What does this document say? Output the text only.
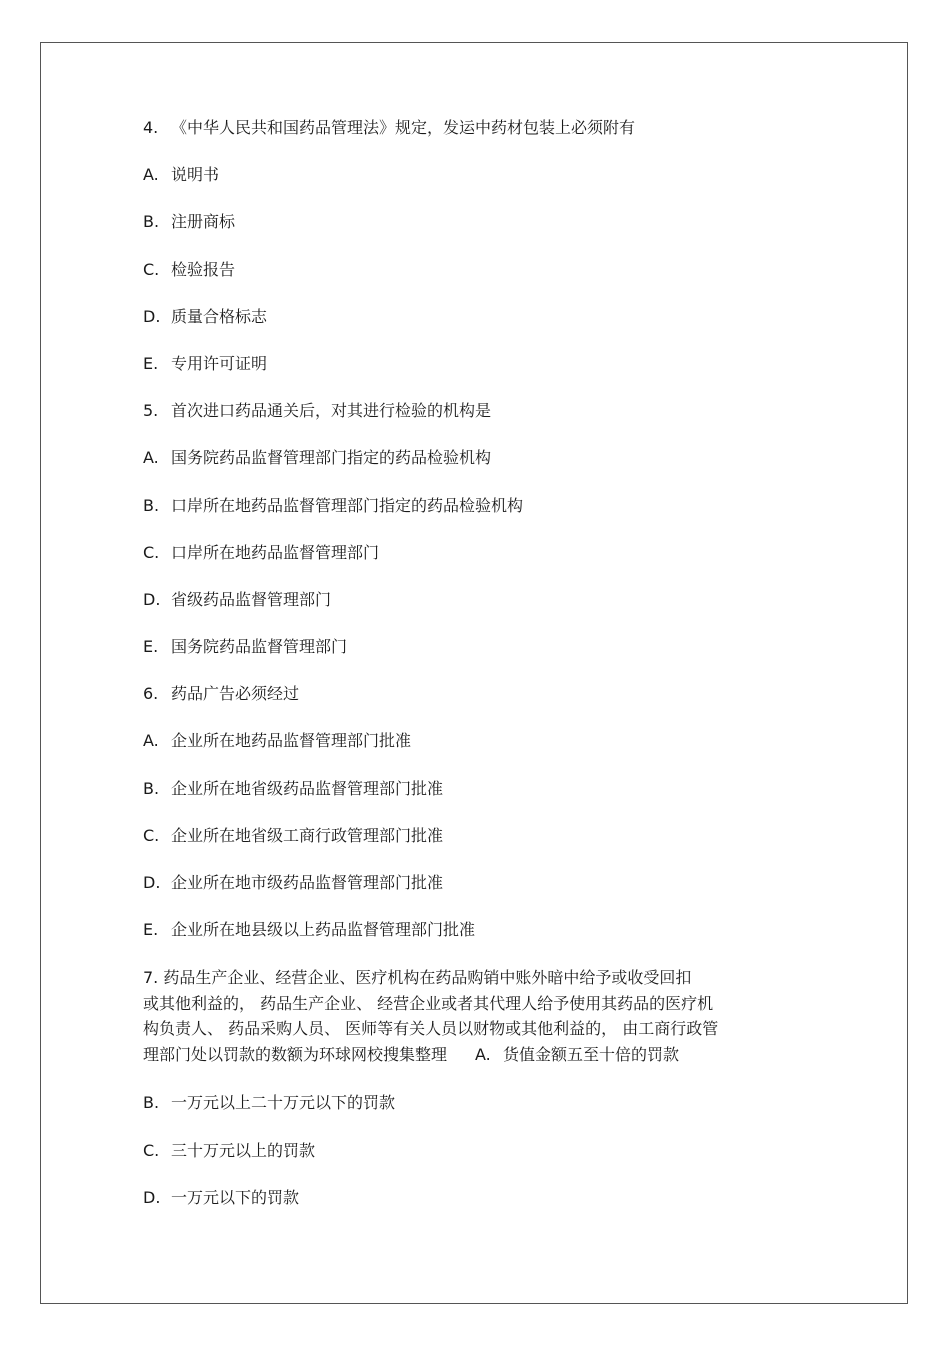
4. 《中华人民共和国药品管理法》规定，发运中药材包装上必须附有
A. 说明书
B. 注册商标
C. 检验报告
D. 质量合格标志
E. 专用许可证明
5. 首次进口药品通关后，对其进行检验的机构是
A. 国务院药品监督管理部门指定的药品检验机构
B. 口岸所在地药品监督管理部门指定的药品检验机构
C. 口岸所在地药品监督管理部门
D. 省级药品监督管理部门
E. 国务院药品监督管理部门
6. 药品广告必须经过
A. 企业所在地药品监督管理部门批准
B. 企业所在地省级药品监督管理部门批准
C. 企业所在地省级工商行政管理部门批准
D. 企业所在地市级药品监督管理部门批准
E. 企业所在地县级以上药品监督管理部门批准
7. 药品生产企业、经营企业、医疗机构在药品购销中账外暗中给予或收受回扣
或其他利益的， 药品生产企业、 经营企业或者其代理人给予使用其药品的医疗机
构负责人、 药品采购人员、 医师等有关人员以财物或其他利益的， 由工商行政管
理部门处以罚款的数额为环球网校搜集整理 A. 货值金额五至十倍的罚款
B. 一万元以上二十万元以下的罚款
C. 三十万元以上的罚款
D. 一万元以下的罚款
